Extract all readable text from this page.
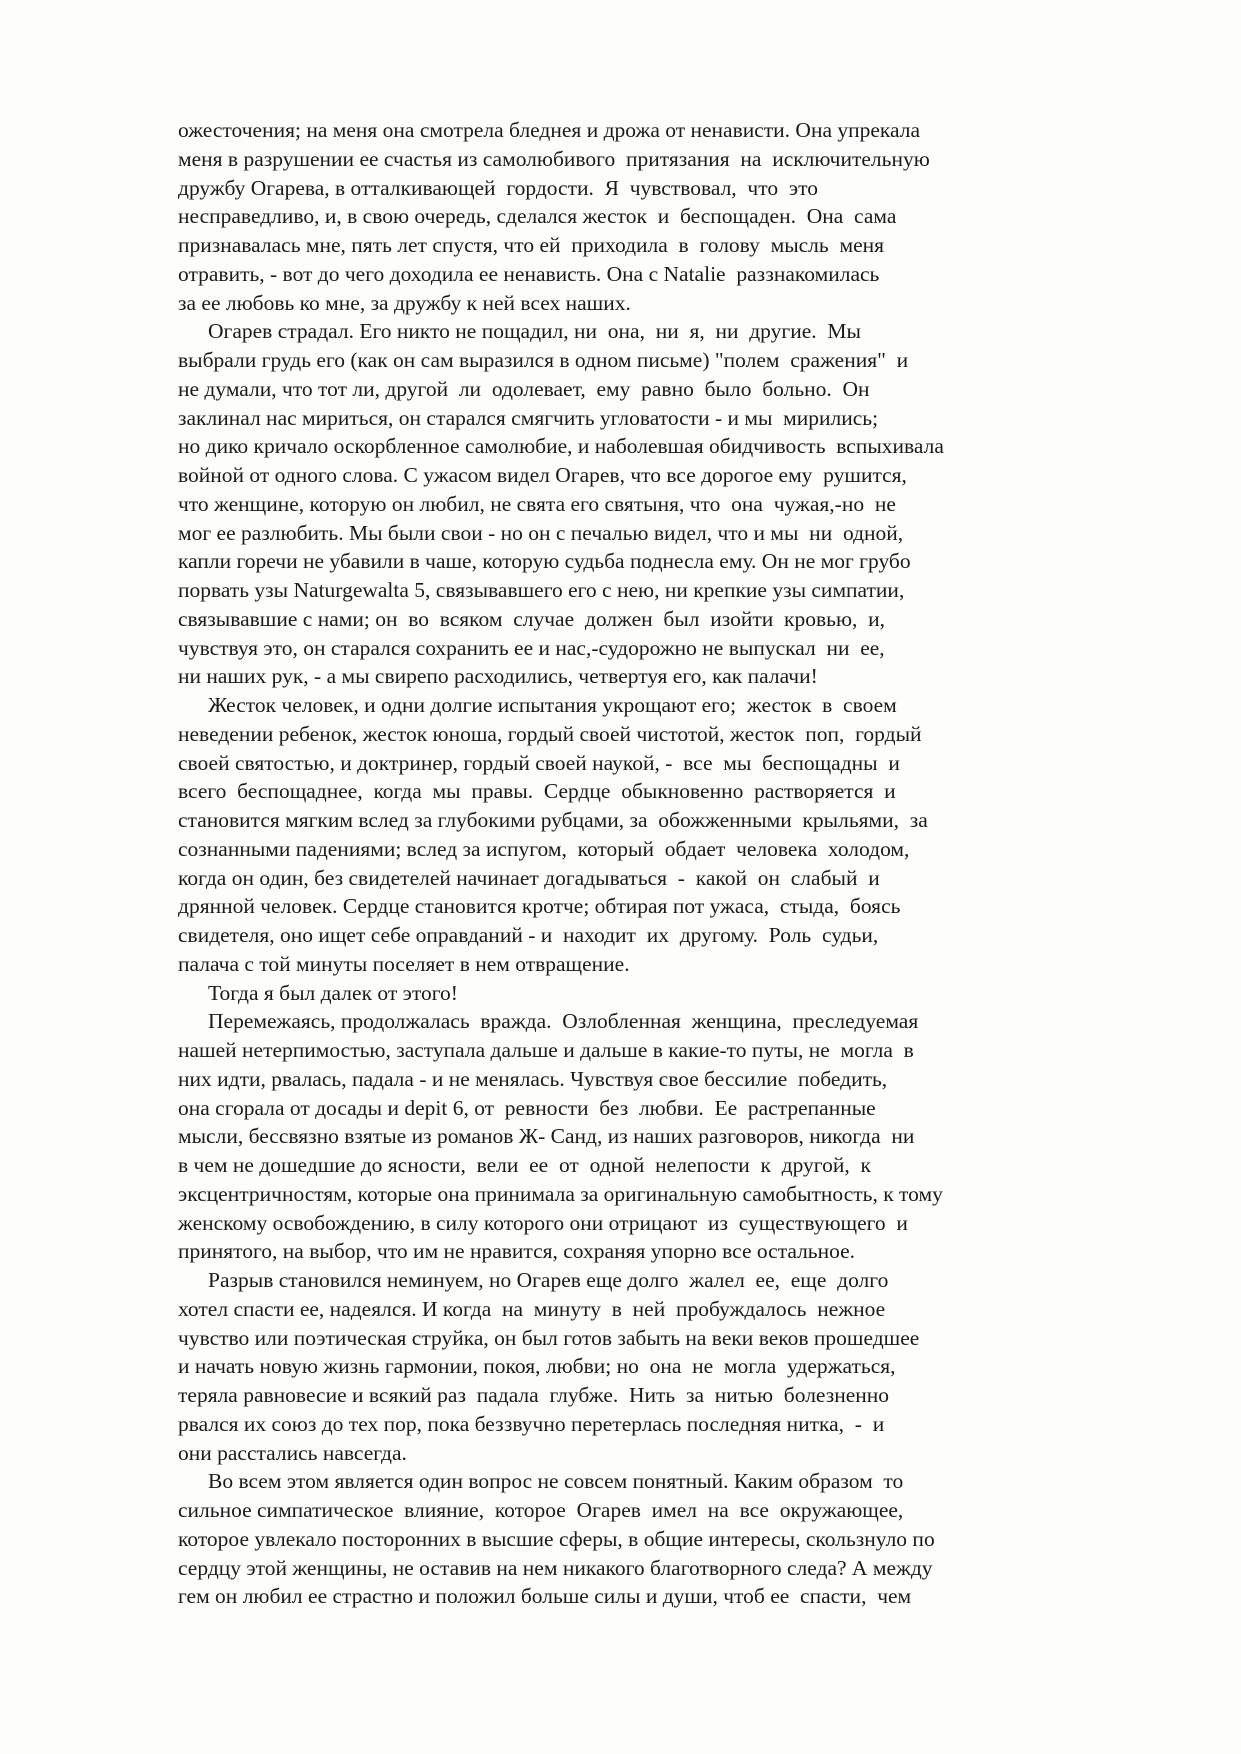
ожесточения; на меня она смотрела бледнея и дрожа от ненависти. Она упрекала
меня в разрушении ее счастья из самолюбивого  притязания  на  исключительную
дружбу Огарева, в отталкивающей  гордости.  Я  чувствовал,  что  это
несправедливо, и, в свою очередь, сделался жесток  и  беспощаден.  Она  сама
признавалась мне, пять лет спустя, что ей  приходила  в  голову  мысль  меня
отравить, - вот до чего доходила ее ненависть. Она с Natalie  раззнакомилась
за ее любовь ко мне, за дружбу к ней всех наших.
Огарев страдал. Его никто не пощадил, ни  она,  ни  я,  ни  другие.  Мы
выбрали грудь его (как он сам выразился в одном письме) "полем  сражения"  и
не думали, что тот ли, другой  ли  одолевает,  ему  равно  было  больно.  Он
заклинал нас мириться, он старался смягчить угловатости - и мы  мирились;
но дико кричало оскорбленное самолюбие, и наболевшая обидчивость  вспыхивала
войной от одного слова. С ужасом видел Огарев, что все дорогое ему  рушится,
что женщине, которую он любил, не свята его святыня, что  она  чужая,-но  не
мог ее разлюбить. Мы были свои - но он с печалью видел, что и мы  ни  одной,
капли горечи не убавили в чаше, которую судьба поднесла ему. Он не мог грубо
порвать узы Naturgewalta 5, связывавшего его с нею, ни крепкие узы симпатии,
связывавшие с нами; он  во  всяком  случае  должен  был  изойти  кровью,  и,
чувствуя это, он старался сохранить ее и нас,-судорожно не выпускал  ни  ее,
ни наших рук, - а мы свирепо расходились, четвертуя его, как палачи!
Жесток человек, и одни долгие испытания укрощают его;  жесток  в  своем
неведении ребенок, жесток юноша, гордый своей чистотой, жесток  поп,  гордый
своей святостью, и доктринер, гордый своей наукой, -  все  мы  беспощадны  и
всего  беспощаднее,  когда  мы  правы.  Сердце  обыкновенно  растворяется  и
становится мягким вслед за глубокими рубцами, за  обожженными  крыльями,  за
сознанными падениями; вслед за испугом,  который  обдает  человека  холодом,
когда он один, без свидетелей начинает догадываться  -  какой  он  слабый  и
дрянной человек. Сердце становится кротче; обтирая пот ужаса,  стыда,  боясь
свидетеля, оно ищет себе оправданий - и  находит  их  другому.  Роль  судьи,
палача с той минуты поселяет в нем отвращение.
Тогда я был далек от этого!
Перемежаясь, продолжалась  вражда.  Озлобленная  женщина,  преследуемая
нашей нетерпимостью, заступала дальше и дальше в какие-то путы, не  могла  в
них идти, рвалась, падала - и не менялась. Чувствуя свое бессилие  победить,
она сгорала от досады и depit 6, от  ревности  без  любви.  Ее  растрепанные
мысли, бессвязно взятые из романов Ж- Санд, из наших разговоров, никогда  ни
в чем не дошедшие до ясности,  вели  ее  от  одной  нелепости  к  другой,  к
эксцентричностям, которые она принимала за оригинальную самобытность, к тому
женскому освобождению, в силу которого они отрицают  из  существующего  и
принятого, на выбор, что им не нравится, сохраняя упорно все остальное.
Разрыв становился неминуем, но Огарев еще долго  жалел  ее,  еще  долго
хотел спасти ее, надеялся. И когда  на  минуту  в  ней  пробуждалось  нежное
чувство или поэтическая струйка, он был готов забыть на веки веков прошедшее
и начать новую жизнь гармонии, покоя, любви; но  она  не  могла  удержаться,
теряла равновесие и всякий раз  падала  глубже.  Нить  за  нитью  болезненно
рвался их союз до тех пор, пока беззвучно перетерлась последняя нитка,  -  и
они расстались навсегда.
Во всем этом является один вопрос не совсем понятный. Каким образом  то
сильное симпатическое  влияние,  которое  Огарев  имел  на  все  окружающее,
которое увлекало посторонних в высшие сферы, в общие интересы, скользнуло по
сердцу этой женщины, не оставив на нем никакого благотворного следа? А между
гем он любил ее страстно и положил больше силы и души, чтоб ее  спасти,  чем
